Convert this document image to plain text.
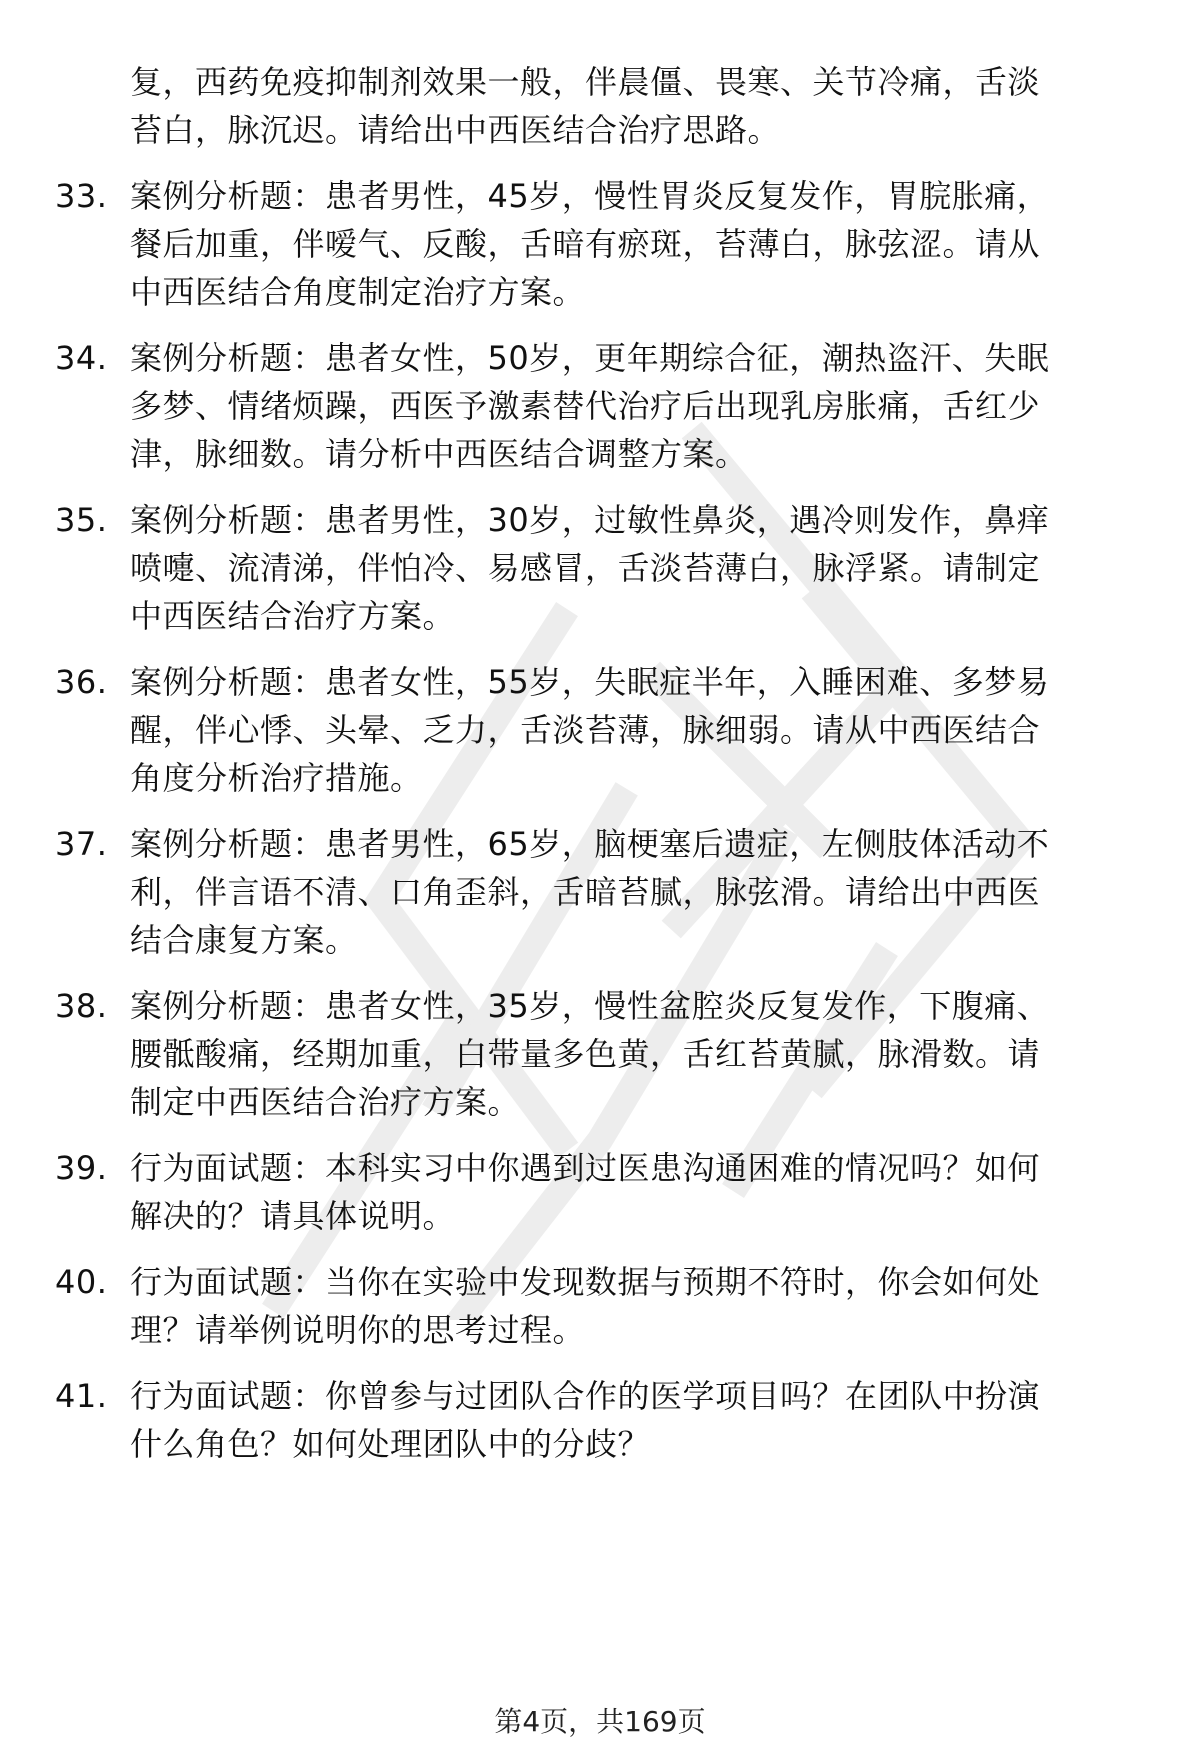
复，西药免疫抑制剂效果一般，伴晨僵、畏寒、关节冷痛，舌淡
苔白，脉沉迟。请给出中西医结合治疗思路。
33. 案例分析题：患者男性，45岁，慢性胃炎反复发作，胃脘胀痛，
餐后加重，伴嗳气、反酸，舌暗有瘀斑，苔薄白，脉弦涩。请从
中西医结合角度制定治疗方案。
34. 案例分析题：患者女性，50岁，更年期综合征，潮热盗汗、失眠
多梦、情绪烦躁，西医予激素替代治疗后出现乳房胀痛，舌红少
津，脉细数。请分析中西医结合调整方案。
35. 案例分析题：患者男性，30岁，过敏性鼻炎，遇冷则发作，鼻痒
喷嚏、流清涕，伴怕冷、易感冒，舌淡苔薄白，脉浮紧。请制定
中西医结合治疗方案。
36. 案例分析题：患者女性，55岁，失眠症半年，入睡困难、多梦易
醒，伴心悸、头晕、乏力，舌淡苔薄，脉细弱。请从中西医结合
角度分析治疗措施。
37. 案例分析题：患者男性，65岁，脑梗塞后遗症，左侧肢体活动不
利，伴言语不清、口角歪斜，舌暗苔腻，脉弦滑。请给出中西医
结合康复方案。
38. 案例分析题：患者女性，35岁，慢性盆腔炎反复发作，下腹痛、
腰骶酸痛，经期加重，白带量多色黄，舌红苔黄腻，脉滑数。请
制定中西医结合治疗方案。
39. 行为面试题：本科实习中你遇到过医患沟通困难的情况吗？如何
解决的？请具体说明。
40. 行为面试题：当你在实验中发现数据与预期不符时，你会如何处
理？请举例说明你的思考过程。
41. 行为面试题：你曾参与过团队合作的医学项目吗？在团队中扮演
什么角色？如何处理团队中的分歧？
第4页，共169页
